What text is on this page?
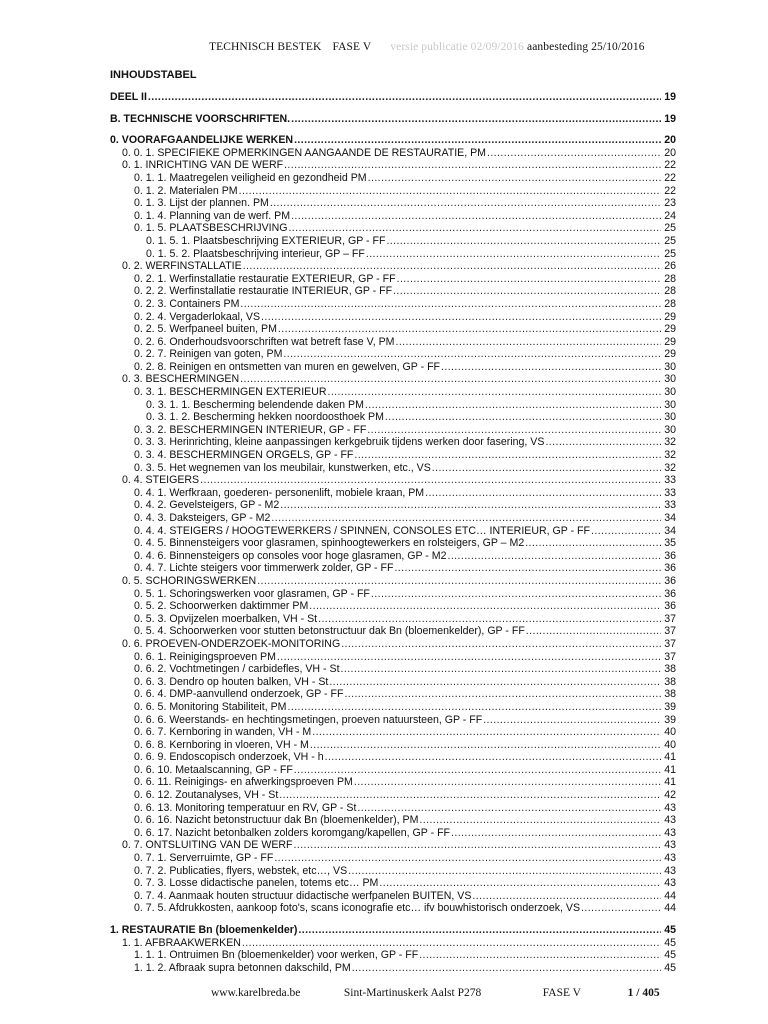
TECHNISCH BESTEK FASE V versie publicatie 02/09/2016 aanbesteding 25/10/2016
INHOUDSTABEL
DEEL II .....	19
B. TECHNISCHE VOORSCHRIFTEN. .....	19
0. VOORAFGAANDELIJKE WERKEN .....	20
0. 0. 1. SPECIFIEKE OPMERKINGEN AANGAANDE DE RESTAURATIE, PM .....	20
0. 1. INRICHTING VAN DE WERF .....	22
0. 1. 1. Maatregelen veiligheid en gezondheid PM .....	22
0. 1. 2. Materialen PM .....	22
0. 1. 3. Lijst der plannen. PM .....	23
0. 1. 4. Planning van de werf. PM .....	24
0. 1. 5. PLAATSBESCHRIJVING .....	25
0. 1. 5. 1. Plaatsbeschrijving EXTERIEUR, GP - FF .....	25
0. 1. 5. 2. Plaatsbeschrijving interieur, GP – FF .....	25
0. 2. WERFINSTALLATIE .....	26
0. 2. 1. Werfinstallatie restauratie EXTERIEUR, GP - FF .....	28
0. 2. 2. Werfinstallatie restauratie INTERIEUR, GP - FF .....	28
0. 2. 3. Containers PM .....	28
0. 2. 4. Vergaderlokaal, VS .....	29
0. 2. 5. Werfpaneel buiten, PM .....	29
0. 2. 6. Onderhoudsvoorschriften wat betreft fase V, PM .....	29
0. 2. 7. Reinigen van goten, PM .....	29
0. 2. 8. Reinigen en ontsmetten van muren en gewelven, GP - FF .....	30
0. 3. BESCHERMINGEN .....	30
0. 3. 1. BESCHERMINGEN EXTERIEUR .....	30
0. 3. 1. 1. Bescherming belendende daken PM .....	30
0. 3. 1. 2. Bescherming hekken noordoosthoek PM .....	30
0. 3. 2. BESCHERMINGEN INTERIEUR, GP - FF .....	30
0. 3. 3. Herinrichting, kleine aanpassingen kerkgebruik tijdens werken door fasering, VS .....	32
0. 3. 4. BESCHERMINGEN ORGELS, GP - FF .....	32
0. 3. 5. Het wegnemen van los meubilair, kunstwerken, etc., VS .....	32
0. 4. STEIGERS .....	33
0. 4. 1. Werfkraan, goederen- personenlift, mobiele kraan, PM .....	33
0. 4. 2. Gevelsteigers, GP - M2 .....	33
0. 4. 3. Daksteigers, GP - M2 .....	34
0. 4. 4. STEIGERS / HOOGTEWERKERS / SPINNEN, CONSOLES ETC… INTERIEUR, GP - FF .....	34
0. 4. 5. Binnensteigers voor glasramen, spinhoogtewerkers en rolsteigers, GP – M2 .....	35
0. 4. 6. Binnensteigers op consoles voor hoge glasramen, GP - M2 .....	36
0. 4. 7. Lichte steigers voor timmerwerk zolder, GP - FF .....	36
0. 5. SCHORINGSWERKEN .....	36
0. 5. 1. Schoringswerken voor glasramen, GP - FF .....	36
0. 5. 2. Schoorwerken daktimmer PM .....	36
0. 5. 3. Opvijzelen moerbalken, VH - St .....	37
0. 5. 4. Schoorwerken voor stutten betonstructuur dak Bn (bloemenkelder), GP - FF .....	37
0. 6. PROEVEN-ONDERZOEK-MONITORING .....	37
0. 6. 1. Reinigingsproeven PM .....	37
0. 6. 2. Vochtmetingen / carbidefles, VH - St .....	38
0. 6. 3. Dendro op houten balken, VH - St .....	38
0. 6. 4. DMP-aanvullend onderzoek, GP - FF .....	38
0. 6. 5. Monitoring Stabiliteit, PM .....	39
0. 6. 6. Weerstands- en hechtingsmetingen, proeven natuursteen, GP - FF .....	39
0. 6. 7. Kernboring in wanden, VH - M .....	40
0. 6. 8. Kernboring in vloeren, VH - M .....	40
0. 6. 9. Endoscopisch onderzoek, VH - h .....	41
0. 6. 10. Metaalscanning, GP - FF .....	41
0. 6. 11. Reinigings- en afwerkingsproeven PM .....	41
0. 6. 12. Zoutanalyses, VH - St .....	42
0. 6. 13. Monitoring temperatuur en RV, GP - St .....	43
0. 6. 16. Nazicht betonstructuur dak Bn (bloemenkelder), PM .....	43
0. 6. 17. Nazicht betonbalken zolders koromgang/kapellen, GP - FF .....	43
0. 7. ONTSLUITING VAN DE WERF .....	43
0. 7. 1. Serverruimte, GP - FF .....	43
0. 7. 2. Publicaties, flyers, webstek, etc…, VS .....	43
0. 7. 3. Losse didactische panelen, totems etc… PM .....	43
0. 7. 4. Aanmaak houten structuur didactische werfpanelen BUITEN, VS .....	44
0. 7. 5. Afdrukkosten, aankoop foto's, scans iconografie etc… ifv bouwhistorisch onderzoek, VS .....	44
1. RESTAURATIE Bn (bloemenkelder) .....	45
1. 1. AFBRAAKWERKEN .....	45
1. 1. 1. Ontruimen Bn (bloemenkelder) voor werken, GP - FF .....	45
1. 1. 2. Afbraak supra betonnen dakschild, PM .....	45
www.karelbreda.be	Sint-Martinuskerk Aalst P278	FASE V	1 / 405
